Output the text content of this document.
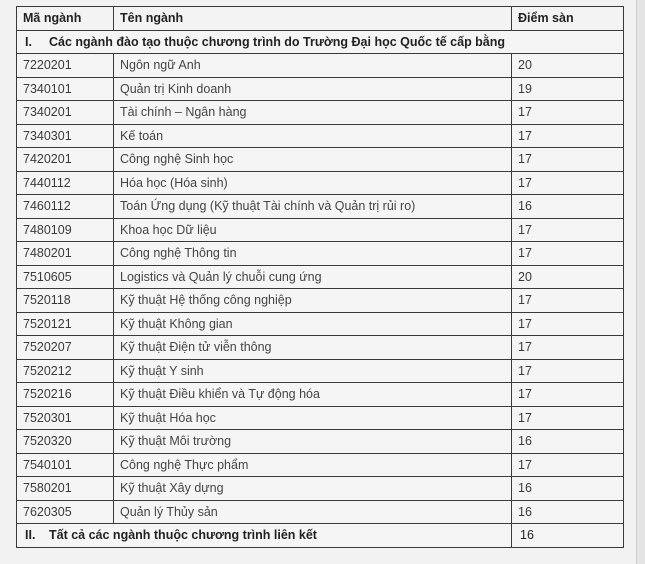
Mã ngành	Tên ngành	Điểm sàn
I. Các ngành đào tạo thuộc chương trình do Trường Đại học Quốc tế cấp bằng		
7220201	Ngôn ngữ Anh	20
7340101	Quản trị Kinh doanh	19
7340201	Tài chính – Ngân hàng	17
7340301	Kế toán	17
7420201	Công nghệ Sinh học	17
7440112	Hóa học (Hóa sinh)	17
7460112	Toán Ứng dụng (Kỹ thuật Tài chính và Quản trị rủi ro)	16
7480109	Khoa học Dữ liệu	17
7480201	Công nghệ Thông tin	17
7510605	Logistics và Quản lý chuỗi cung ứng	20
7520118	Kỹ thuật Hệ thống công nghiệp	17
7520121	Kỹ thuật Không gian	17
7520207	Kỹ thuật Điện tử viễn thông	17
7520212	Kỹ thuật Y sinh	17
7520216	Kỹ thuật Điều khiển và Tự động hóa	17
7520301	Kỹ thuật Hóa học	17
7520320	Kỹ thuật Môi trường	16
7540101	Công nghệ Thực phẩm	17
7580201	Kỹ thuật Xây dựng	16
7620305	Quản lý Thủy sản	16
II. Tất cả các ngành thuộc chương trình liên kết		16
